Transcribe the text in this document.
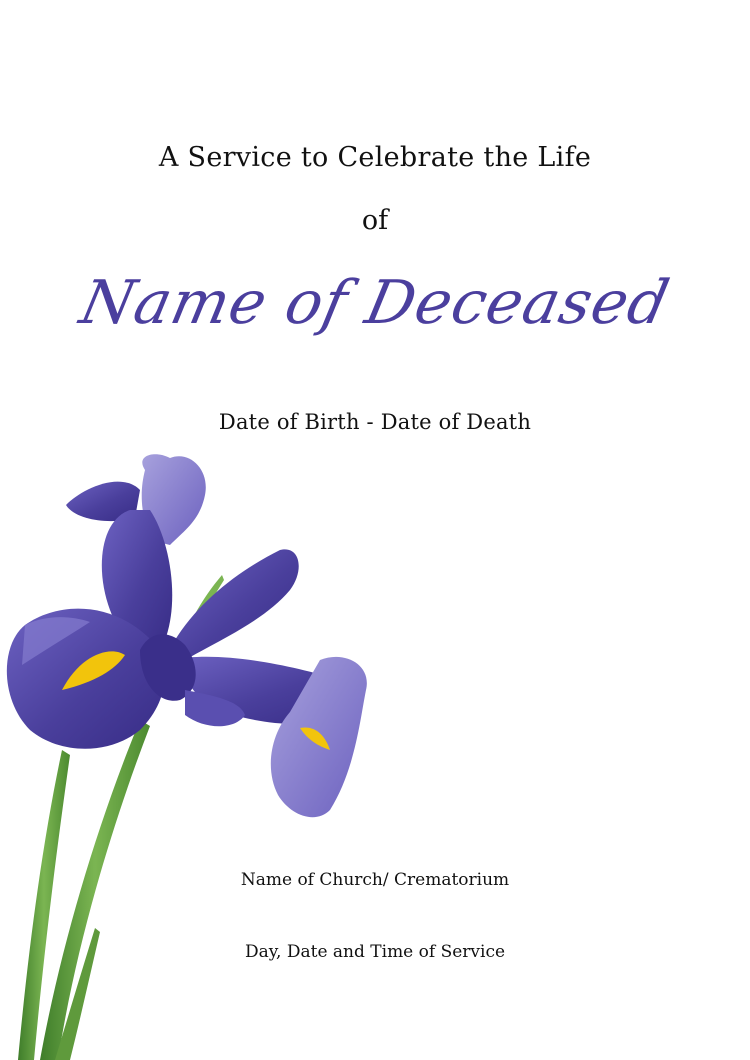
A Service to Celebrate the Life
of
Name of Deceased
Date of Birth - Date of Death
Name of Church/ Crematorium
Day, Date and Time of Service
